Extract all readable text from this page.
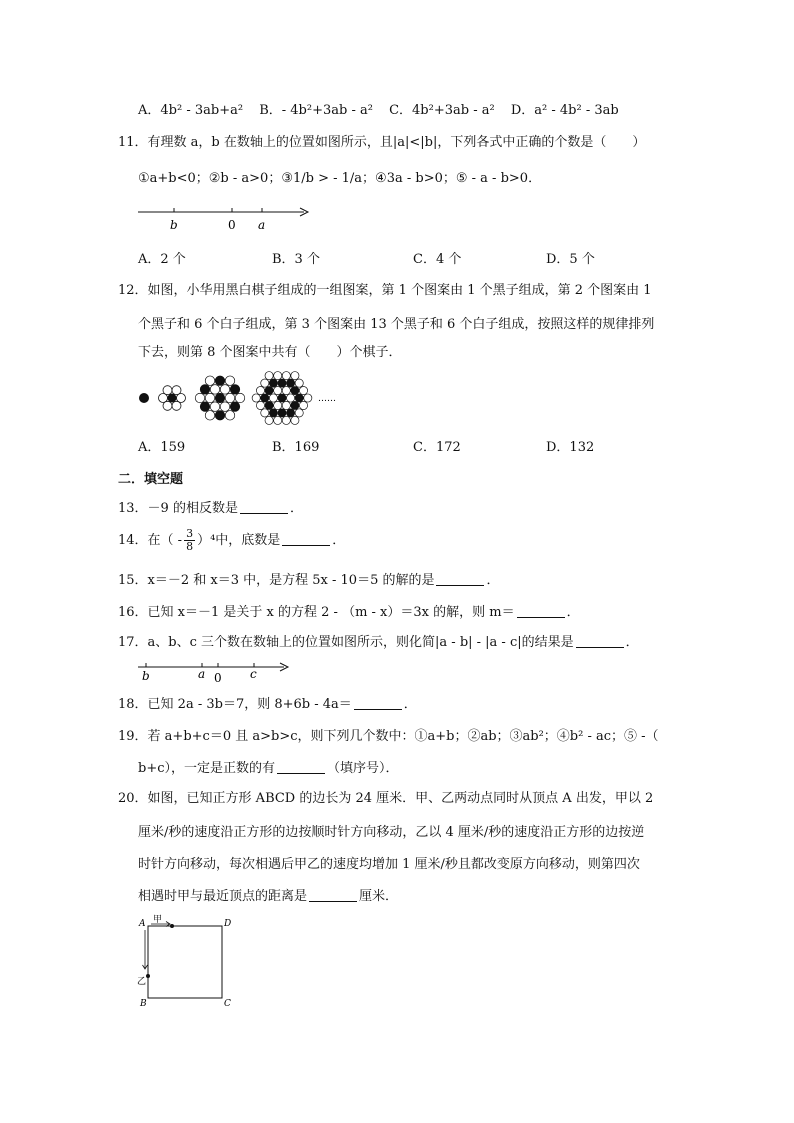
A．4b² - 3ab+a² B．- 4b²+3ab - a² C．4b²+3ab - a² D．a² - 4b² - 3ab
11．有理数 a，b 在数轴上的位置如图所示，且|a|<|b|，下列各式中正确的个数是（　　）
①a+b<0；②b - a>0；③1/b > - 1/a；④3a - b>0；⑤ - a - b>0．
b	0 a
A．2 个	B．3 个	C．4 个	D．5 个
12．如图，小华用黑白棋子组成的一组图案，第 1 个图案由 1 个黑子组成，第 2 个图案由 1
个黑子和 6 个白子组成，第 3 个图案由 13 个黑子和 6 个白子组成，按照这样的规律排列
下去，则第 8 个图案中共有（　　）个棋子．
……
A．159	B．169	C．172	D．132
二．填空题
13．－9 的相反数是	．
14．在（ - $\frac{3}{8} )^4$中，底数是	．
15．x＝－2 和 x＝3 中，是方程 5x - 10＝5 的解的是	．
16．已知 x＝－1 是关于 x 的方程 2 - （m - x）＝3x 的解，则 m＝	．
17．a、b、c 三个数在数轴上的位置如图所示，则化简|a - b| - |a - c|的结果是	．
b	a 0 c
18．已知 2a - 3b＝7，则 8+6b - 4a＝	．
19．若 a+b+c＝0 且 a>b>c，则下列几个数中：①a+b；②ab；③ab²；④b² - ac；⑤ -（
b+c），一定是正数的有	（填序号）．
20．如图，已知正方形 ABCD 的边长为 24 厘米．甲、乙两动点同时从顶点 A 出发，甲以 2
厘米/秒的速度沿正方形的边按顺时针方向移动，乙以 4 厘米/秒的速度沿正方形的边按逆
时针方向移动，每次相遇后甲乙的速度均增加 1 厘米/秒且都改变原方向移动，则第四次
相遇时甲与最近顶点的距离是	厘米．
A	D
B	C
甲
乙
